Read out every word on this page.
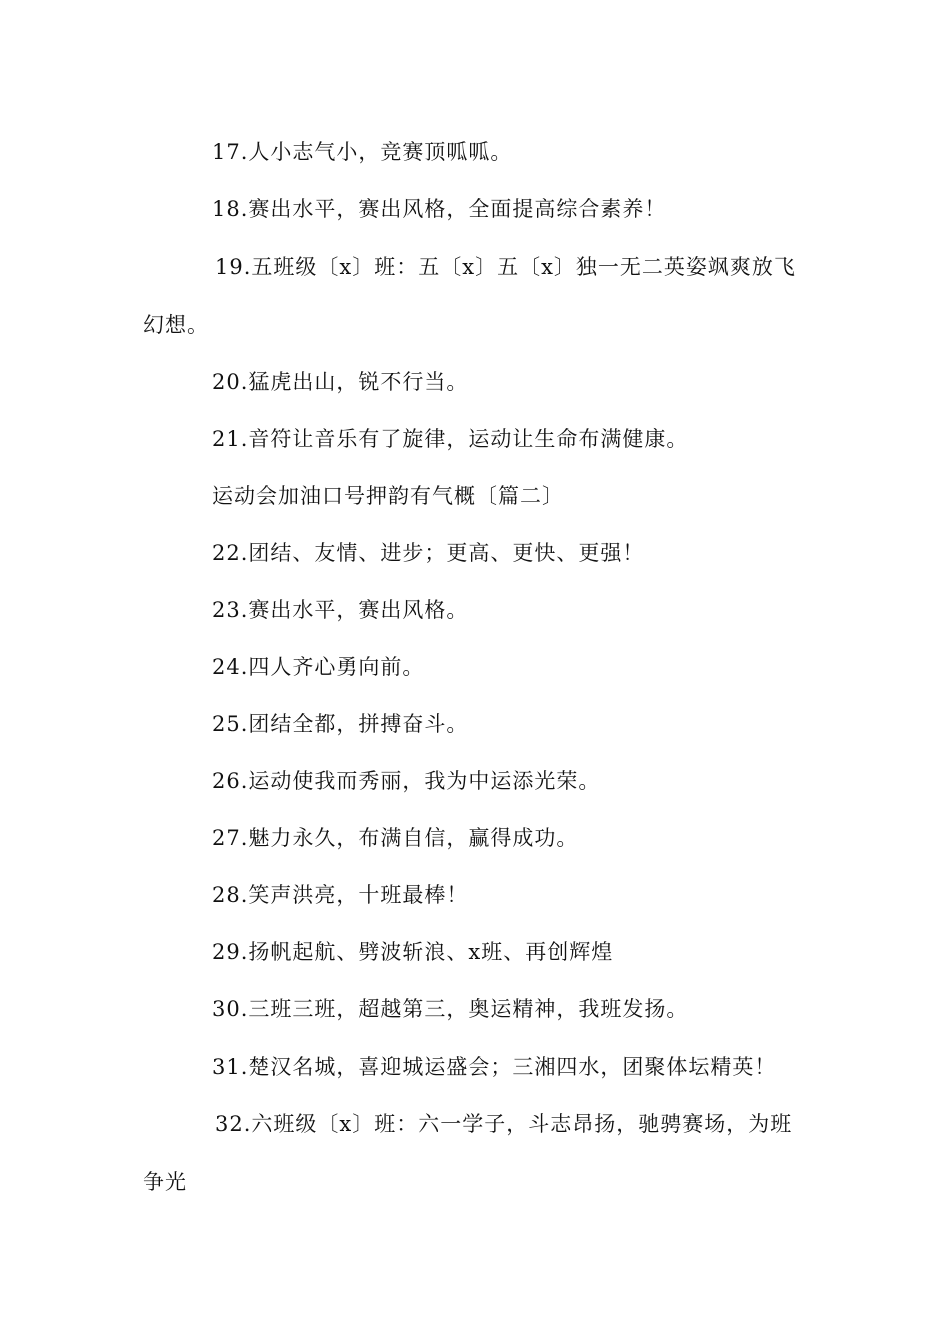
17.人小志气小，竞赛顶呱呱。
18.赛出水平，赛出风格，全面提高综合素养！
19.五班级〔x〕班：五〔x〕五〔x〕独一无二英姿飒爽放飞
幻想。
20.猛虎出山，锐不行当。
21.音符让音乐有了旋律，运动让生命布满健康。
运动会加油口号押韵有气概〔篇二〕
22.团结、友情、进步；更高、更快、更强！
23.赛出水平，赛出风格。
24.四人齐心勇向前。
25.团结全都，拼搏奋斗。
26.运动使我而秀丽，我为中运添光荣。
27.魅力永久，布满自信，赢得成功。
28.笑声洪亮，十班最棒！
29.扬帆起航、劈波斩浪、x班、再创辉煌
30.三班三班，超越第三，奥运精神，我班发扬。
31.楚汉名城，喜迎城运盛会；三湘四水，团聚体坛精英！
32.六班级〔x〕班：六一学子，斗志昂扬，驰骋赛场，为班
争光
